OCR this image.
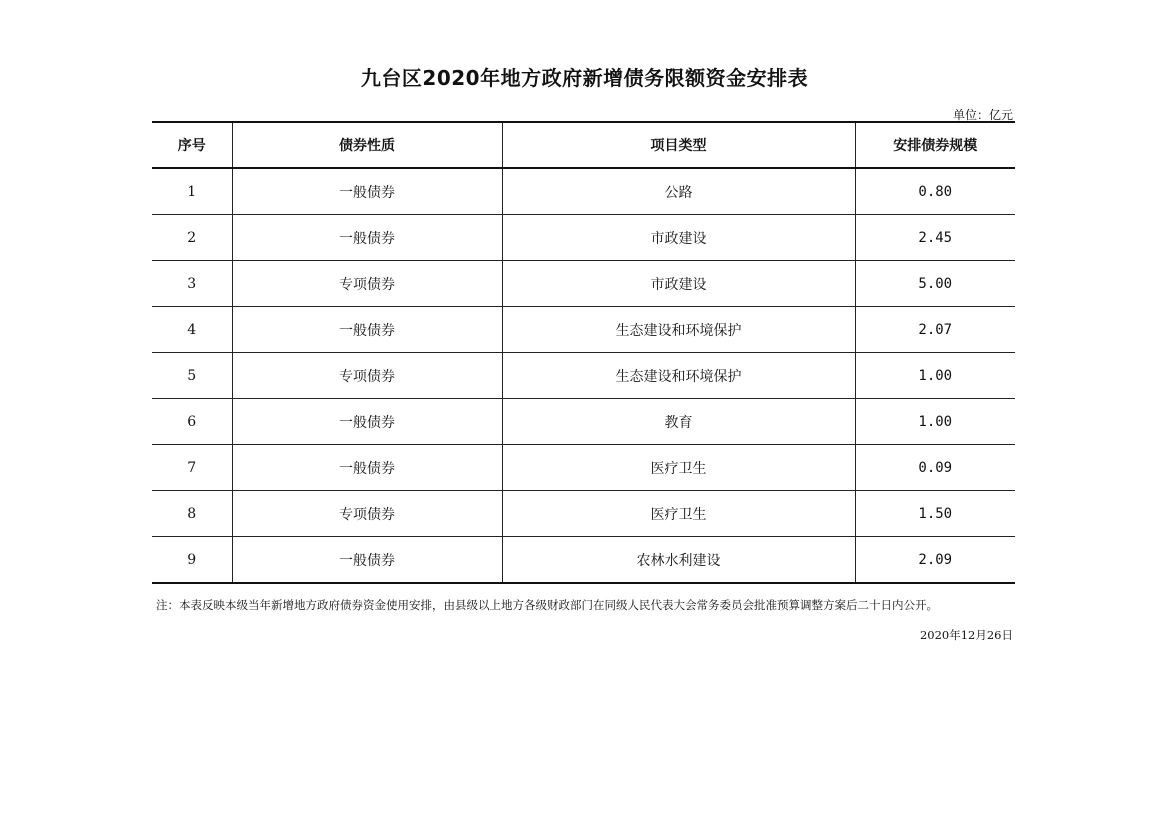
九台区2020年地方政府新增债务限额资金安排表
单位：亿元
序号	债券性质	项目类型	安排债券规模
1	一般债券	公路	0.80
2	一般债券	市政建设	2.45
3	专项债券	市政建设	5.00
4	一般债券	生态建设和环境保护	2.07
5	专项债券	生态建设和环境保护	1.00
6	一般债券	教育	1.00
7	一般债券	医疗卫生	0.09
8	专项债券	医疗卫生	1.50
9	一般债券	农林水利建设	2.09
注：本表反映本级当年新增地方政府债券资金使用安排，由县级以上地方各级财政部门在同级人民代表大会常务委员会批准预算调整方案后二十日内公开。
2020年12月26日
